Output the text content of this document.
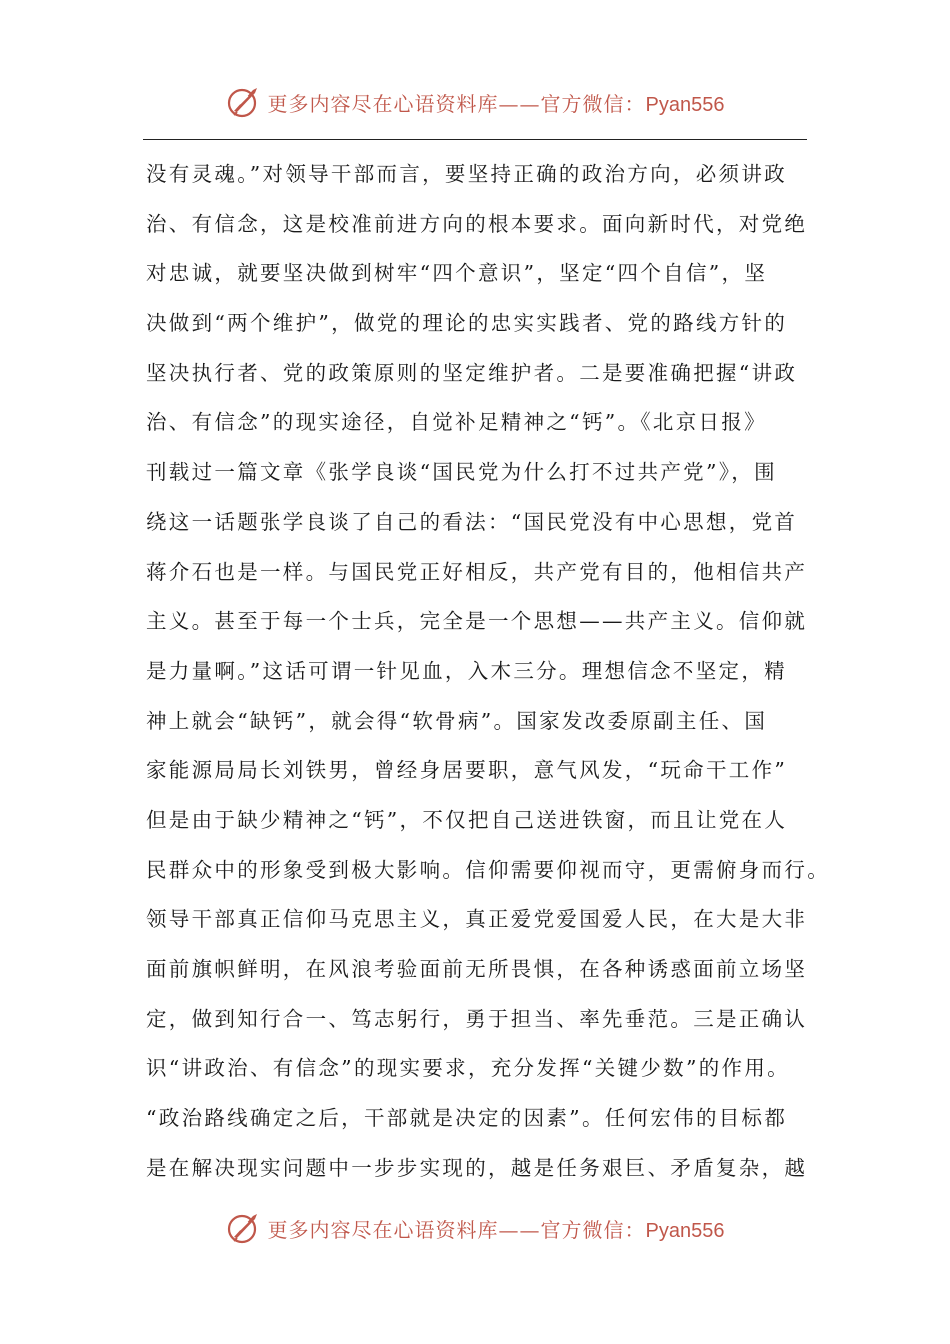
更多内容尽在心语资料库——官方微信：Pyan556
没有灵魂。”对领导干部而言，要坚持正确的政治方向，必须讲政
治、有信念，这是校准前进方向的根本要求。面向新时代，对党绝
对忠诚，就要坚决做到树牢“四个意识”，坚定“四个自信”，坚
决做到“两个维护”，做党的理论的忠实实践者、党的路线方针的
坚决执行者、党的政策原则的坚定维护者。二是要准确把握“讲政
治、有信念”的现实途径，自觉补足精神之“钙”。《北京日报》
刊载过一篇文章《张学良谈“国民党为什么打不过共产党”》，围
绕这一话题张学良谈了自己的看法：“国民党没有中心思想，党首
蒋介石也是一样。与国民党正好相反，共产党有目的，他相信共产
主义。甚至于每一个士兵，完全是一个思想——共产主义。信仰就
是力量啊。”这话可谓一针见血，入木三分。理想信念不坚定，精
神上就会“缺钙”，就会得“软骨病”。国家发改委原副主任、国
家能源局局长刘铁男，曾经身居要职，意气风发，“玩命干工作”
但是由于缺少精神之“钙”，不仅把自己送进铁窗，而且让党在人
民群众中的形象受到极大影响。信仰需要仰视而守，更需俯身而行。
领导干部真正信仰马克思主义，真正爱党爱国爱人民，在大是大非
面前旗帜鲜明，在风浪考验面前无所畏惧，在各种诱惑面前立场坚
定，做到知行合一、笃志躬行，勇于担当、率先垂范。三是正确认
识“讲政治、有信念”的现实要求，充分发挥“关键少数”的作用。
“政治路线确定之后，干部就是决定的因素”。任何宏伟的目标都
是在解决现实问题中一步步实现的，越是任务艰巨、矛盾复杂，越
更多内容尽在心语资料库——官方微信：Pyan556
